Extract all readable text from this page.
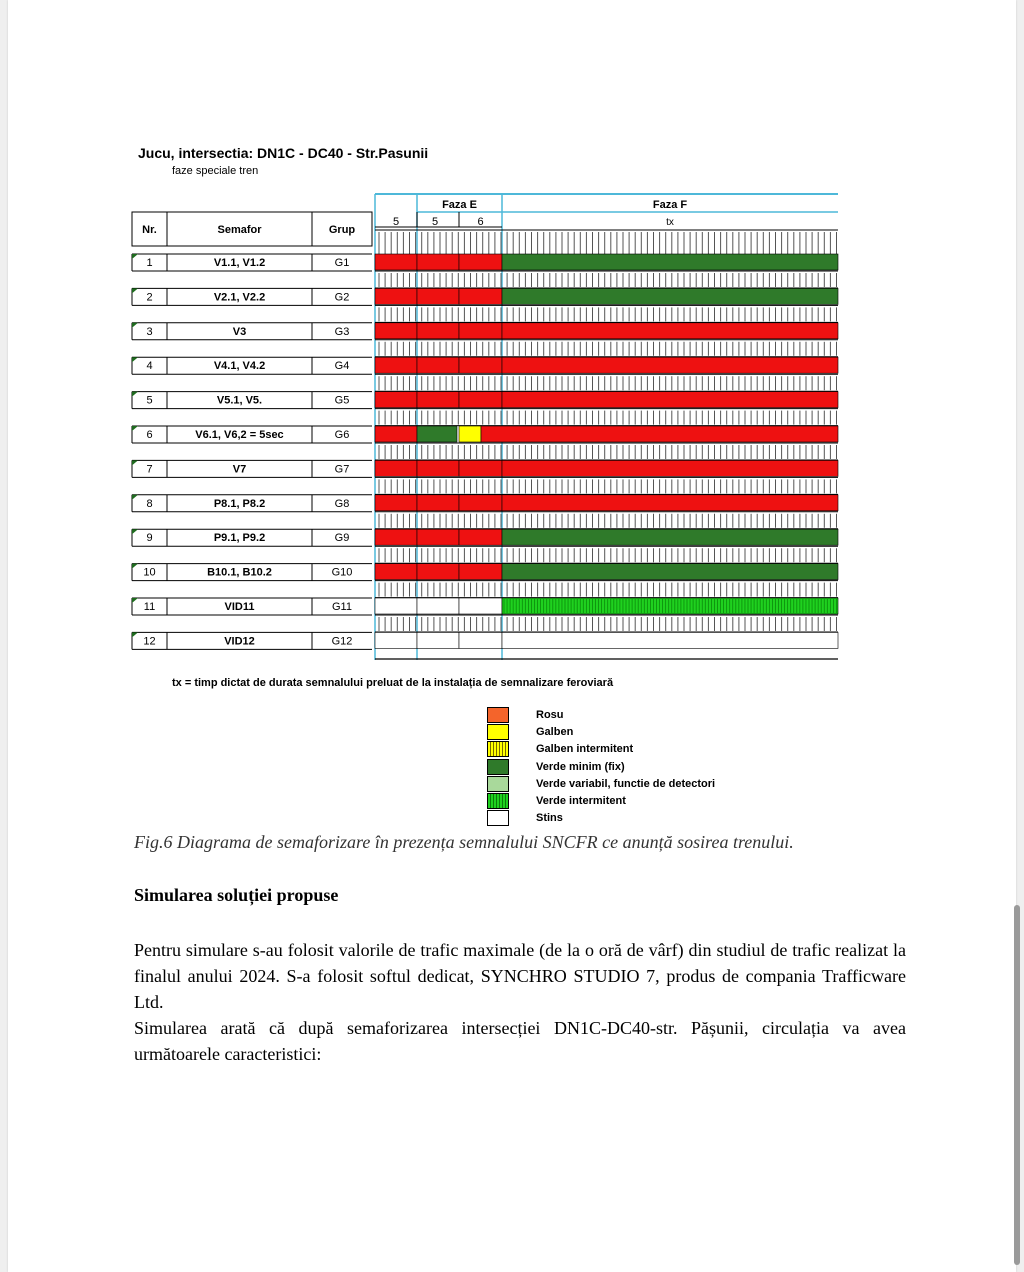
Jucu, intersectia: DN1C - DC40 - Str.Pasunii
faze speciale tren
Faza E	Faza F
5	5	6	tx
Nr.	Semafor	Grup
1	V1.1, V1.2	G1
2	V2.1, V2.2	G2
3	V3	G3
4	V4.1, V4.2	G4
5	V5.1, V5.	G5
6	V6.1, V6,2 = 5sec	G6
7	V7	G7
8	P8.1, P8.2	G8
9	P9.1, P9.2	G9
10	B10.1, B10.2	G10
11	VID11	G11
12	VID12	G12
tx = timp dictat de durata semnalului preluat de la instalația de semnalizare feroviară
Rosu
Galben
Galben intermitent
Verde minim (fix)
Verde variabil, functie de detectori
Verde intermitent
Stins
Fig.6 Diagrama de semaforizare în prezența semnalului SNCFR ce anunță sosirea trenului.
Simularea soluției propuse
Pentru simulare s-au folosit valorile de trafic maximale (de la o oră de vârf) din studiul de trafic realizat la finalul anului 2024. S-a folosit softul dedicat, SYNCHRO STUDIO 7, produs de compania Trafficware Ltd.
Simularea arată că după semaforizarea intersecției DN1C-DC40-str. Pășunii, circulația va avea următoarele caracteristici:
